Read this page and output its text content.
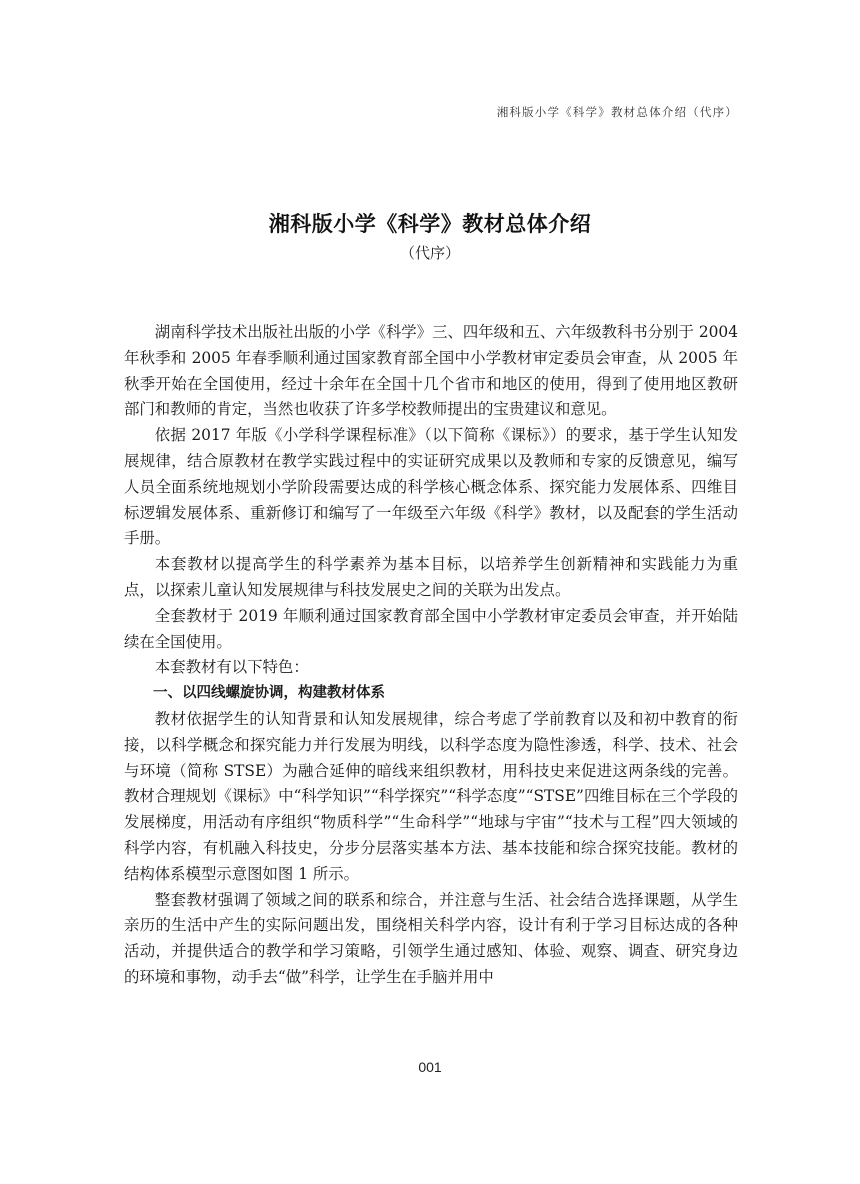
湘科版小学《科学》教材总体介绍（代序）
湘科版小学《科学》教材总体介绍
（代序）

湖南科学技术出版社出版的小学《科学》三、四年级和五、六年级教科书分别于 2004 年秋季和 2005 年春季顺利通过国家教育部全国中小学教材审定委员会审查，从 2005 年秋季开始在全国使用，经过十余年在全国十几个省市和地区的使用，得到了使用地区教研部门和教师的肯定，当然也收获了许多学校教师提出的宝贵建议和意见。

依据 2017 年版《小学科学课程标准》（以下简称《课标》）的要求，基于学生认知发展规律，结合原教材在教学实践过程中的实证研究成果以及教师和专家的反馈意见，编写人员全面系统地规划小学阶段需要达成的科学核心概念体系、探究能力发展体系、四维目标逻辑发展体系、重新修订和编写了一年级至六年级《科学》教材，以及配套的学生活动手册。

本套教材以提高学生的科学素养为基本目标，以培养学生创新精神和实践能力为重点，以探索儿童认知发展规律与科技发展史之间的关联为出发点。

全套教材于 2019 年顺利通过国家教育部全国中小学教材审定委员会审查，并开始陆续在全国使用。

本套教材有以下特色：

一、以四线螺旋协调，构建教材体系

教材依据学生的认知背景和认知发展规律，综合考虑了学前教育以及和初中教育的衔接，以科学概念和探究能力并行发展为明线，以科学态度为隐性渗透，科学、技术、社会与环境（简称 STSE）为融合延伸的暗线来组织教材，用科技史来促进这两条线的完善。教材合理规划《课标》中“科学知识”“科学探究”“科学态度”“STSE”四维目标在三个学段的发展梯度，用活动有序组织“物质科学”“生命科学”“地球与宇宙”“技术与工程”四大领域的科学内容，有机融入科技史，分步分层落实基本方法、基本技能和综合探究技能。教材的结构体系模型示意图如图 1 所示。

整套教材强调了领域之间的联系和综合，并注意与生活、社会结合选择课题，从学生亲历的生活中产生的实际问题出发，围绕相关科学内容，设计有利于学习目标达成的各种活动，并提供适合的教学和学习策略，引领学生通过感知、体验、观察、调查、研究身边的环境和事物，动手去“做”科学，让学生在手脑并用中

001
